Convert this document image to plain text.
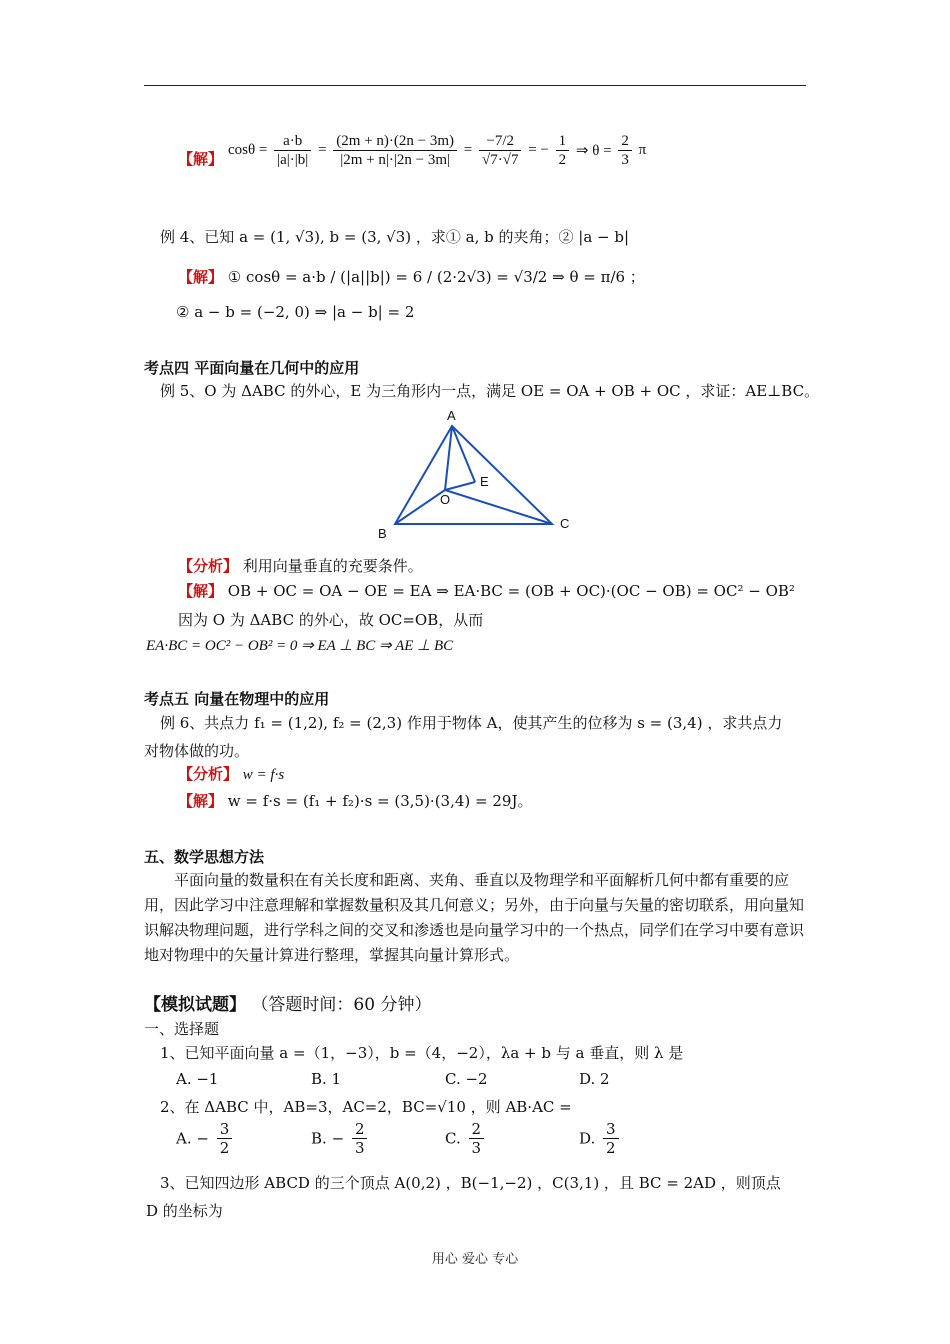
【解】 $\cos\theta = \frac{a\cdot b}{|a|\cdot|b|} = \frac{(2m + n)\cdot(2n - 3m)}{|2m + n|\cdot|2n - 3m|} = \frac{-7/2}{√7\cdot√7}$ = − $\frac{1}{2}$ ⇒ $\theta = \frac{2}{3}$ π
例 4、已知 a = (1, √3), b = (3, √3) ，求① a, b 的夹角；② |a − b|
【解】 ① cosθ = a·b / (|a||b|) = 6 / (2·2√3) = √3/2 ⇒ θ = π/6 ；
② a − b = (−2, 0) ⇒ |a − b| = 2
考点四 平面向量在几何中的应用
例 5、O 为 ΔABC 的外心，E 为三角形内一点，满足 OE = OA + OB + OC ，求证：AE⊥BC。
A
B
C
O
E
【分析】 利用向量垂直的充要条件。
【解】 OB + OC = OA − OE = EA ⇒ EA·BC = (OB + OC)·(OC − OB) = OC² − OB²
因为 O 为 ΔABC 的外心，故 OC=OB，从而
EA·BC = OC² − OB² = 0 ⇒ EA ⊥ BC ⇒ AE ⊥ BC
考点五 向量在物理中的应用
例 6、共点力 f₁ = (1,2), f₂ = (2,3) 作用于物体 A，使其产生的位移为 s = (3,4) ，求共点力
对物体做的功。
【分析】 w = f·s
【解】 w = f·s = (f₁ + f₂)·s = (3,5)·(3,4) = 29J。
五、数学思想方法
平面向量的数量积在有关长度和距离、夹角、垂直以及物理学和平面解析几何中都有重要的应用，因此学习中注意理解和掌握数量积及其几何意义；另外，由于向量与矢量的密切联系，用向量知识解决物理问题，进行学科之间的交叉和渗透也是向量学习中的一个热点，同学们在学习中要有意识地对物理中的矢量计算进行整理，掌握其向量计算形式。
【模拟试题】 （答题时间：60 分钟）
一、选择题
1、已知平面向量 a =（1，−3），b =（4，−2），λa + b 与 a 垂直，则 λ 是
A. −1	B. 1	C. −2	D. 2
2、在 ΔABC 中，AB=3，AC=2，BC=√10 ，则 AB·AC =
A. − $\frac{3}{2}$	B. − $\frac{2}{3}$	C. $\frac{2}{3}$	D. $\frac{3}{2}$
3、已知四边形 ABCD 的三个顶点 A(0,2) ，B(−1,−2) ，C(3,1) ，且 BC = 2AD ，则顶点
D 的坐标为
用心 爱心 专心
